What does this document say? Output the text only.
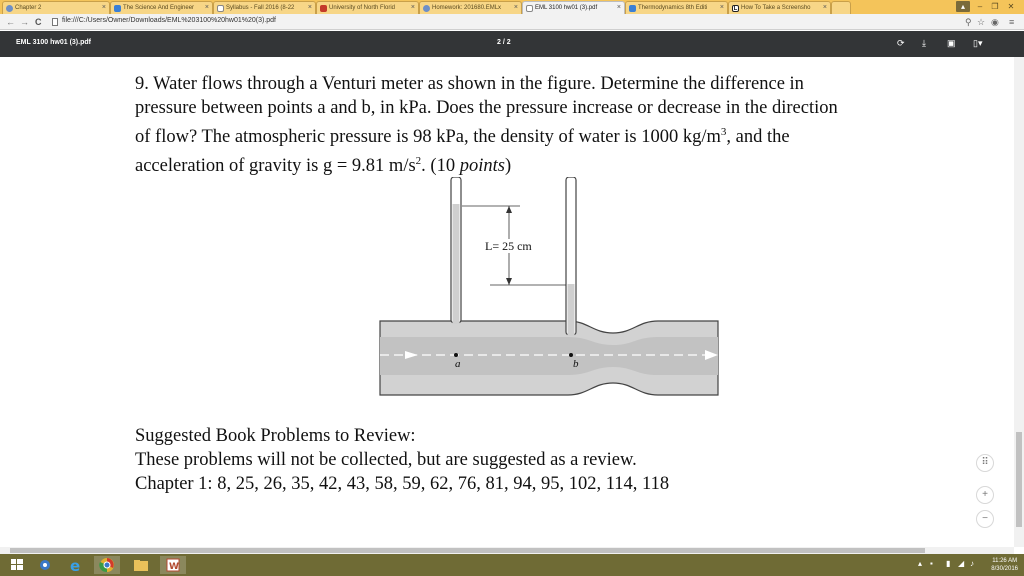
Chapter 2	×	The Science And Engineer ×	Syllabus - Fall 2016 (8-22 ×	University of North Florid ×	Homework: 201680.EMLx ×	EML 3100 hw01 (3).pdf	×	Thermodynamics 8th Editi × L How To Take a Screensho ×	▴	–	❐	✕
← → C	file:///C:/Users/Owner/Downloads/EML%203100%20hw01%20(3).pdf	⚲ ☆ ◉ ≡
EML 3100 hw01 (3).pdf	2 / 2	⟳ ⤓ ▣ ▯▾
9. Water flows through a Venturi meter as shown in the figure. Determine the difference in
pressure between points a and b, in kPa. Does the pressure increase or decrease in the direction
of flow? The atmospheric pressure is 98 kPa, the density of water is 1000 $kg/m^3$, and the
acceleration of gravity is g = 9.81 $m/s^2$. (10 points)
L= 25 cm
a	b
Suggested Book Problems to Review:
These problems will not be collected, but are suggested as a review.
Chapter 1: 8, 25, 26, 35, 42, 43, 58, 59, 62, 76, 81, 94, 95, 102, 114, 118
⠿
+
−
e	W	▴ ▪ ▮ ◢ ♪	11:26 AM
8/30/2016
